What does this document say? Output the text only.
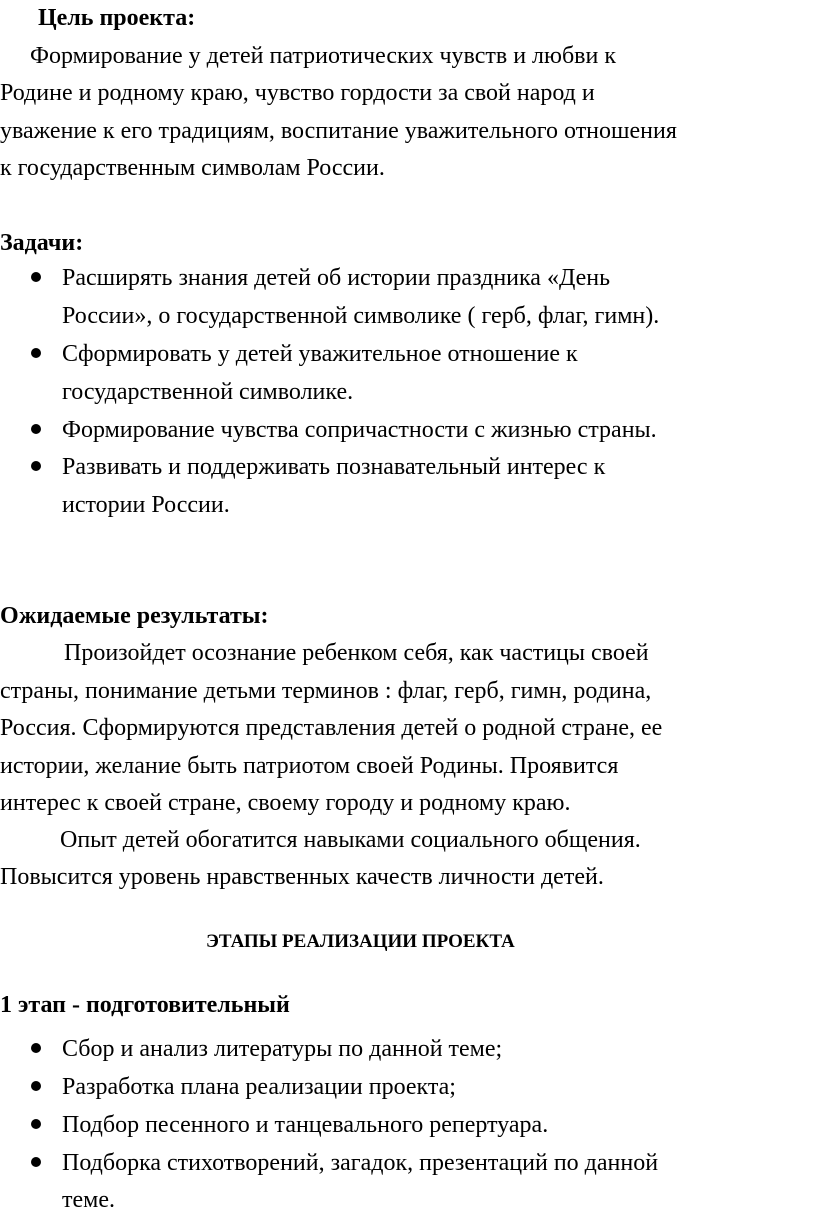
Цель проекта:
Формирование у детей патриотических чувств и любви к
Родине и родному краю, чувство гордости за свой народ и
уважение к его традициям, воспитание уважительного отношения
к государственным символам России.
Задачи:
Расширять знания детей об истории праздника «День
России», о государственной символике ( герб, флаг, гимн).
Сформировать у детей уважительное отношение к
государственной символике.
Формирование чувства сопричастности с жизнью страны.
Развивать и поддерживать познавательный интерес к
истории России.
Ожидаемые результаты:
Произойдет осознание ребенком себя, как частицы своей
страны, понимание детьми терминов : флаг, герб, гимн, родина,
Россия. Сформируются представления детей о родной стране, ее
истории, желание быть патриотом своей Родины. Проявится
интерес к своей стране, своему городу и родному краю.
Опыт детей обогатится навыками социального общения.
Повысится уровень нравственных качеств личности детей.
ЭТАПЫ РЕАЛИЗАЦИИ ПРОЕКТА
1 этап - подготовительный
Сбор и анализ литературы по данной теме;
Разработка плана реализации проекта;
Подбор песенного и танцевального репертуара.
Подборка стихотворений, загадок, презентаций по данной
теме.
